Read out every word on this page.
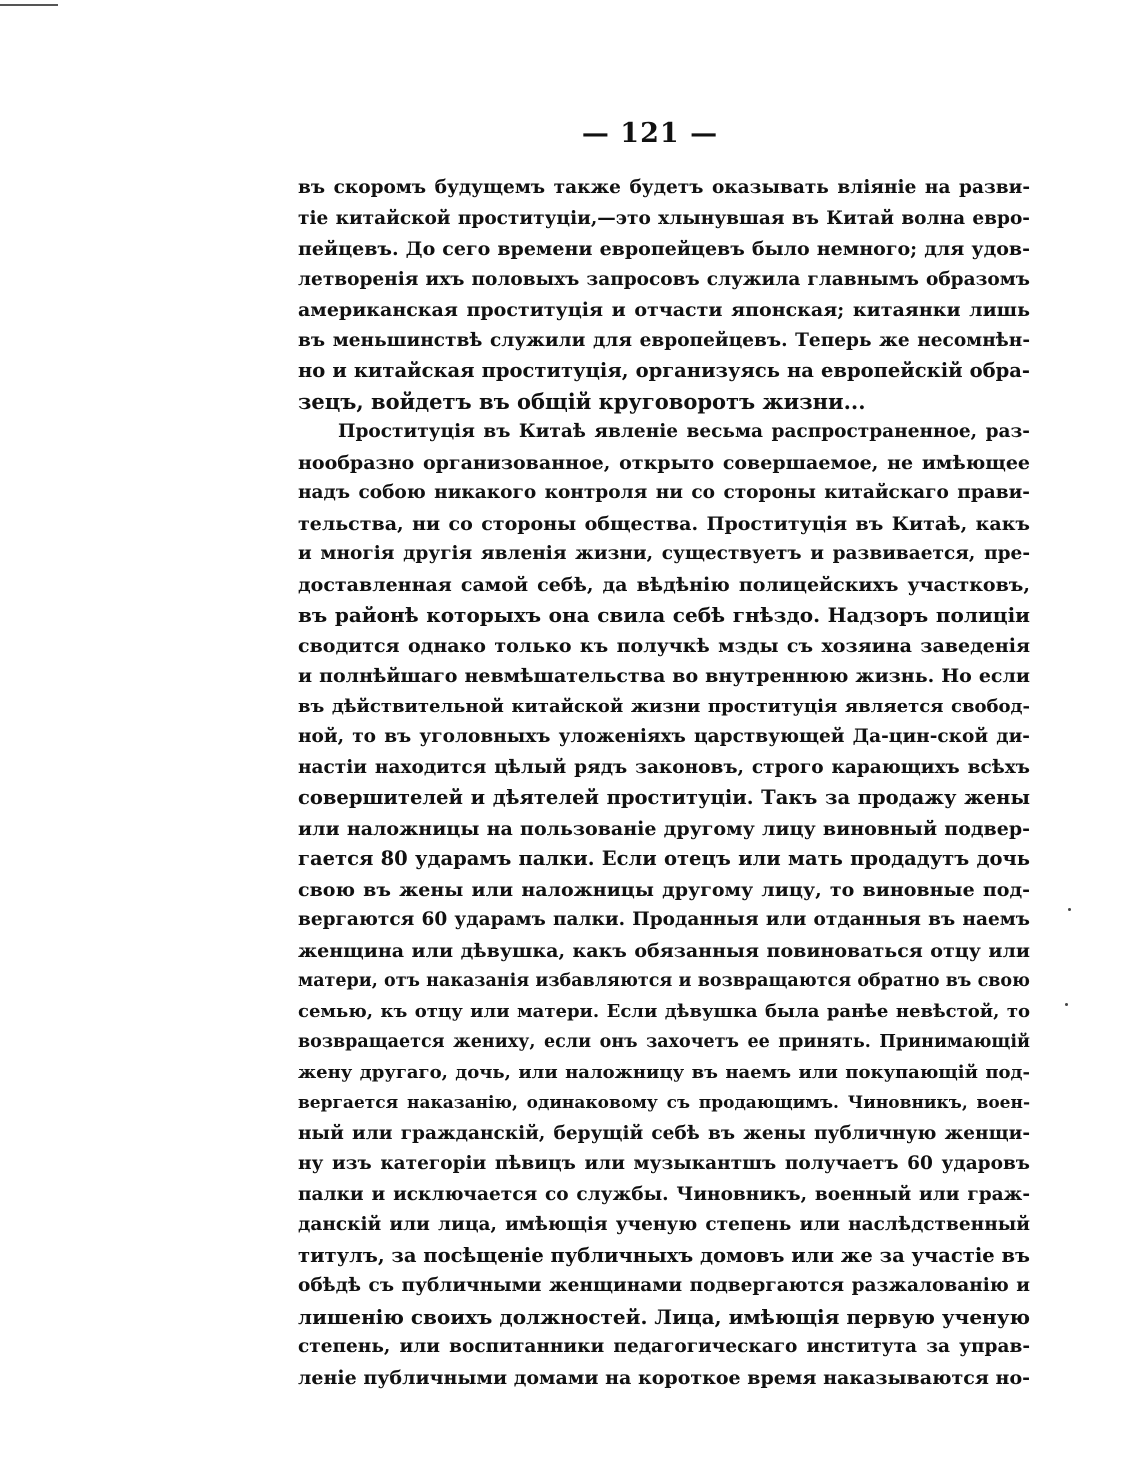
— 121 —
въ скоромъ будущемъ также будетъ оказывать вліяніе на разви-
тіе китайской проституціи,—это хлынувшая въ Китай волна евро-
пейцевъ. До сего времени европейцевъ было немного; для удов-
летворенія ихъ половыхъ запросовъ служила главнымъ образомъ
американская проституція и отчасти японская; китаянки лишь
въ меньшинствѣ служили для европейцевъ. Теперь же несомнѣн-
но и китайская проституція, организуясь на европейскій обра-
зецъ, войдетъ въ общій круговоротъ жизни...
Проституція въ Китаѣ явленіе весьма распространенное, раз-
нообразно организованное, открыто совершаемое, не имѣющее
надъ собою никакого контроля ни со стороны китайскаго прави-
тельства, ни со стороны общества. Проституція въ Китаѣ, какъ
и многія другія явленія жизни, существуетъ и развивается, пре-
доставленная самой себѣ, да вѣдѣнію полицейскихъ участковъ,
въ районѣ которыхъ она свила себѣ гнѣздо. Надзоръ полиціи
сводится однако только къ получкѣ мзды съ хозяина заведенія
и полнѣйшаго невмѣшательства во внутреннюю жизнь. Но если
въ дѣйствительной китайской жизни проституція является свобод-
ной, то въ уголовныхъ уложеніяхъ царствующей Да-цин-ской ди-
настіи находится цѣлый рядъ законовъ, строго карающихъ всѣхъ
совершителей и дѣятелей проституціи. Такъ за продажу жены
или наложницы на пользованіе другому лицу виновный подвер-
гается 80 ударамъ палки. Если отецъ или мать продадутъ дочь
свою въ жены или наложницы другому лицу, то виновные под-
вергаются 60 ударамъ палки. Проданныя или отданныя въ наемъ
женщина или дѣвушка, какъ обязанныя повиноваться отцу или
матери, отъ наказанія избавляются и возвращаются обратно въ свою
семью, къ отцу или матери. Если дѣвушка была ранѣе невѣстой, то
возвращается жениху, если онъ захочетъ ее принять. Принимающій
жену другаго, дочь, или наложницу въ наемъ или покупающій под-
вергается наказанію, одинаковому съ продающимъ. Чиновникъ, воен-
ный или гражданскій, берущій себѣ въ жены публичную женщи-
ну изъ категоріи пѣвицъ или музыкантшъ получаетъ 60 ударовъ
палки и исключается со службы. Чиновникъ, военный или граж-
данскій или лица, имѣющія ученую степень или наслѣдственный
титулъ, за посѣщеніе публичныхъ домовъ или же за участіе въ
обѣдѣ съ публичными женщинами подвергаются разжалованію и
лишенію своихъ должностей. Лица, имѣющія первую ученую
степень, или воспитанники педагогическаго института за управ-
леніе публичными домами на короткое время наказываются но-
